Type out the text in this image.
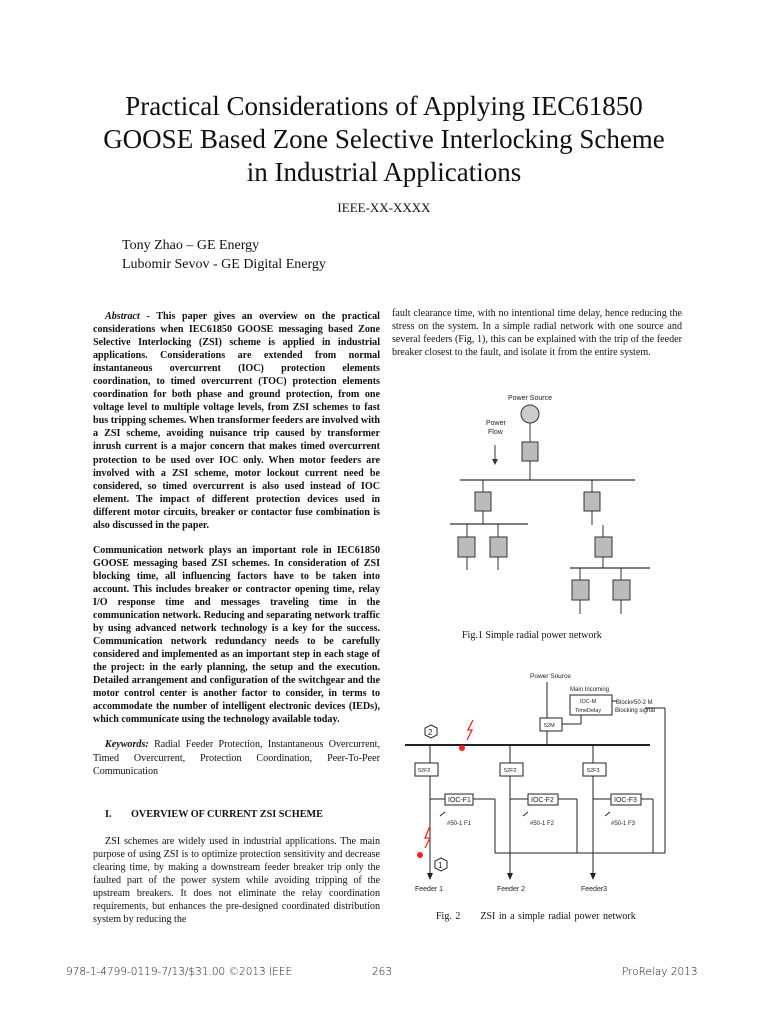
Practical Considerations of Applying IEC61850
GOOSE Based Zone Selective Interlocking Scheme
in Industrial Applications
IEEE-XX-XXXX
Tony Zhao – GE Energy
Lubomir Sevov - GE Digital Energy

Abstract - This paper gives an overview on the practical considerations when IEC61850 GOOSE messaging based Zone Selective Interlocking (ZSI) scheme is applied in industrial applications. Considerations are extended from normal instantaneous overcurrent (IOC) protection elements coordination, to timed overcurrent (TOC) protection elements coordination for both phase and ground protection, from one voltage level to multiple voltage levels, from ZSI schemes to fast bus tripping schemes. When transformer feeders are involved with a ZSI scheme, avoiding nuisance trip caused by transformer inrush current is a major concern that makes timed overcurrent protection to be used over IOC only. When motor feeders are involved with a ZSI scheme, motor lockout current need be considered, so timed overcurrent is also used instead of IOC element. The impact of different protection devices used in different motor circuits, breaker or contactor fuse combination is also discussed in the paper.

Communication network plays an important role in IEC61850 GOOSE messaging based ZSI schemes. In consideration of ZSI blocking time, all influencing factors have to be taken into account. This includes breaker or contractor opening time, relay I/O response time and messages traveling time in the communication network. Reducing and separating network traffic by using advanced network technology is a key for the success. Communication network redundancy needs to be carefully considered and implemented as an important step in each stage of the project: in the early planning, the setup and the execution. Detailed arrangement and configuration of the switchgear and the motor control center is another factor to consider, in terms to accommodate the number of intelligent electronic devices (IEDs), which communicate using the technology available today.

Keywords: Radial Feeder Protection, Instantaneous Overcurrent, Timed Overcurrent, Protection Coordination, Peer-To-Peer Communication

I. OVERVIEW OF CURRENT ZSI SCHEME

ZSI schemes are widely used in industrial applications. The main purpose of using ZSI is to optimize protection sensitivity and decrease clearing time, by making a downstream feeder breaker trip only the faulted part of the power system while avoiding tripping of the upstream breakers. It does not eliminate the relay coordination requirements, but enhances the pre-designed coordinated distribution system by reducing the

fault clearance time, with no intentional time delay, hence reducing the stress on the system. In a simple radial network with one source and several feeders (Fig, 1), this can be explained with the trip of the feeder breaker closest to the fault, and isolate it from the entire system.

Power Source
Power
Flow
Fig.1 Simple radial power network
2
1
Power Source
Main Incoming
IOC-M
TimeDelay
Block#50-2 M
Blocking signal
52M
52F2	52F2	52F3
IOC-F1	IOC-F2	IOC-F3
#50-1 F1	#50-1 F2	#50-1 F3
Feeder 1	Feeder 2	Feeder3
Fig. 2 ZSI in a simple radial power network
978-1-4799-0119-7/13/$31.00 ©2013 IEEE	263	ProRelay 2013
